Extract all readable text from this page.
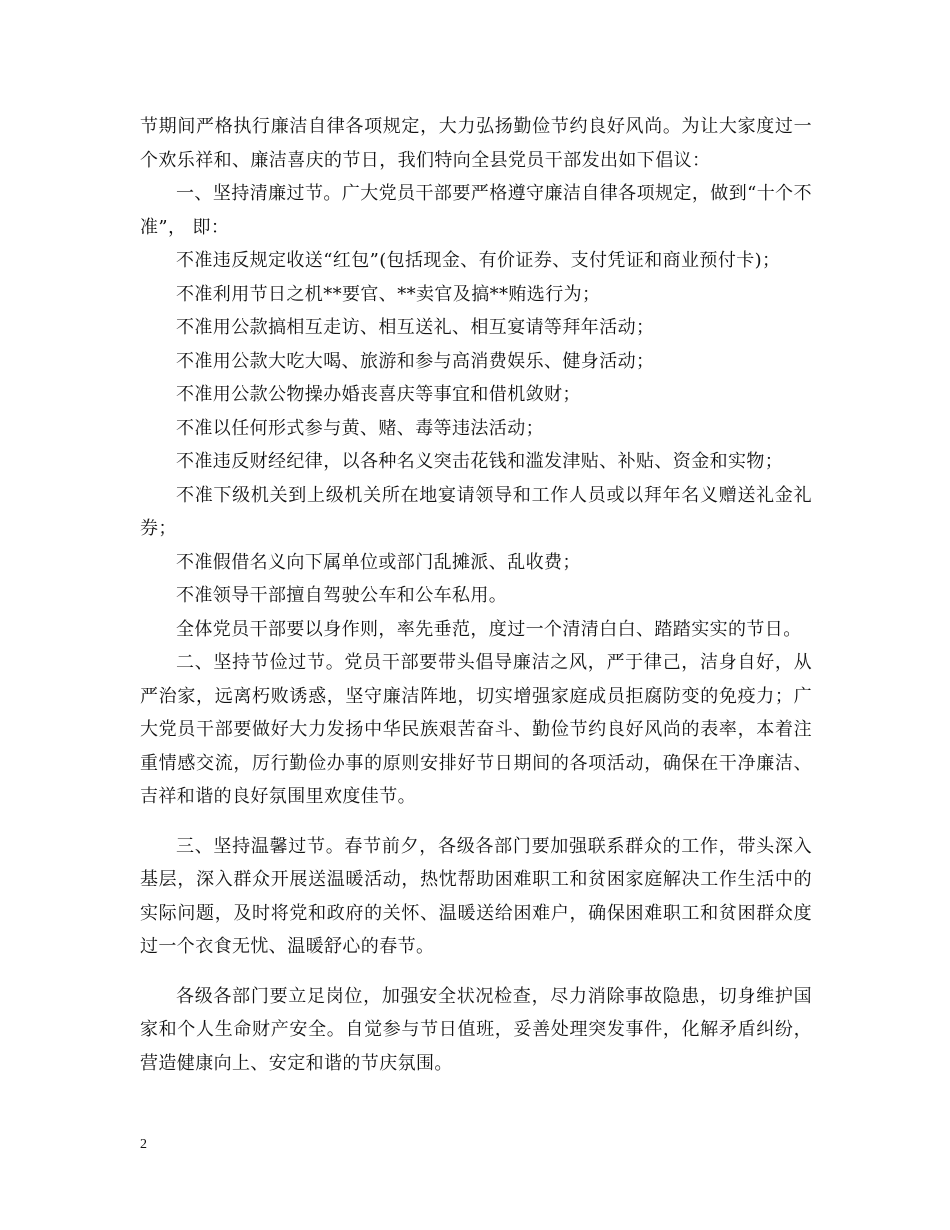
节期间严格执行廉洁自律各项规定，大力弘扬勤俭节约良好风尚。为让大家度过一个欢乐祥和、廉洁喜庆的节日，我们特向全县党员干部发出如下倡议：

一、坚持清廉过节。广大党员干部要严格遵守廉洁自律各项规定，做到“十个不准”， 即：

不准违反规定收送“红包”(包括现金、有价证券、支付凭证和商业预付卡)；

不准利用节日之机**要官、**卖官及搞**贿选行为；

不准用公款搞相互走访、相互送礼、相互宴请等拜年活动；

不准用公款大吃大喝、旅游和参与高消费娱乐、健身活动；

不准用公款公物操办婚丧喜庆等事宜和借机敛财；

不准以任何形式参与黄、赌、毒等违法活动；

不准违反财经纪律，以各种名义突击花钱和滥发津贴、补贴、资金和实物；

不准下级机关到上级机关所在地宴请领导和工作人员或以拜年名义赠送礼金礼券；

不准假借名义向下属单位或部门乱摊派、乱收费；

不准领导干部擅自驾驶公车和公车私用。

全体党员干部要以身作则，率先垂范，度过一个清清白白、踏踏实实的节日。

二、坚持节俭过节。党员干部要带头倡导廉洁之风，严于律己，洁身自好，从严治家，远离朽败诱惑，坚守廉洁阵地，切实增强家庭成员拒腐防变的免疫力；广大党员干部要做好大力发扬中华民族艰苦奋斗、勤俭节约良好风尚的表率，本着注重情感交流，厉行勤俭办事的原则安排好节日期间的各项活动，确保在干净廉洁、吉祥和谐的良好氛围里欢度佳节。

三、坚持温馨过节。春节前夕，各级各部门要加强联系群众的工作，带头深入基层，深入群众开展送温暖活动，热忱帮助困难职工和贫困家庭解决工作生活中的实际问题，及时将党和政府的关怀、温暖送给困难户，确保困难职工和贫困群众度过一个衣食无忧、温暖舒心的春节。

各级各部门要立足岗位，加强安全状况检查，尽力消除事故隐患，切身维护国家和个人生命财产安全。自觉参与节日值班，妥善处理突发事件，化解矛盾纠纷，营造健康向上、安定和谐的节庆氛围。

2
